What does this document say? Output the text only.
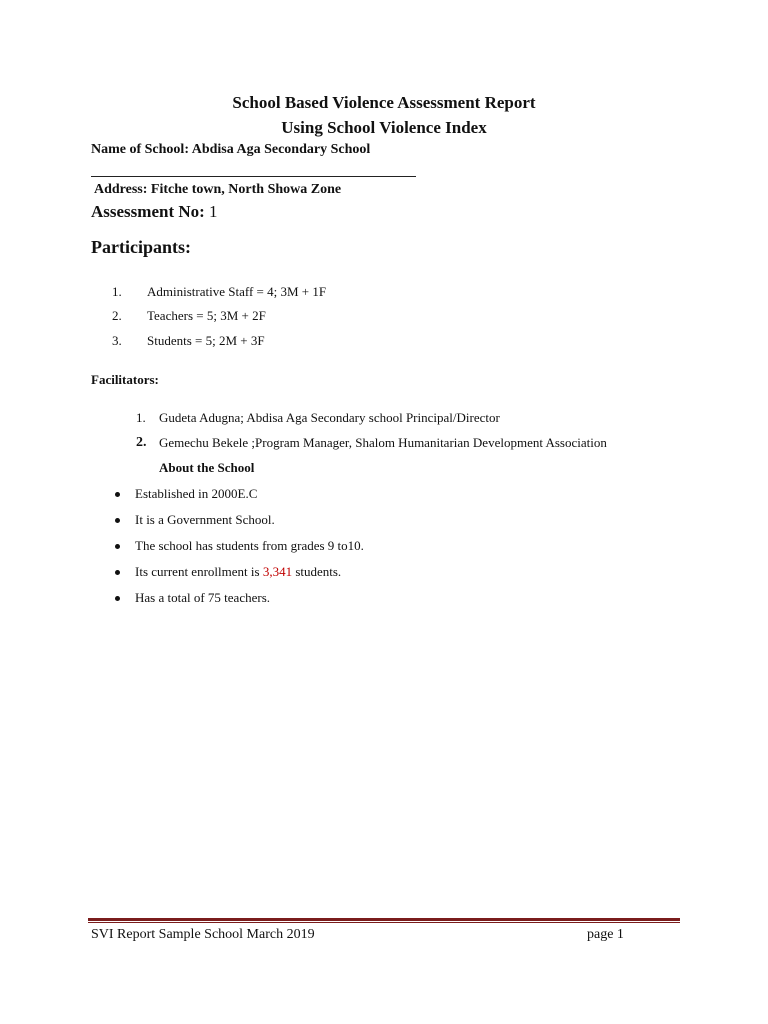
School Based Violence Assessment Report
Using School Violence Index
Name of School: Abdisa Aga Secondary School
Address: Fitche town, North Showa Zone
Assessment No: 1
Participants:
1. Administrative Staff = 4; 3M + 1F
2. Teachers = 5; 3M + 2F
3. Students = 5; 2M + 3F
Facilitators:
1. Gudeta Adugna; Abdisa Aga Secondary school Principal/Director
2. Gemechu Bekele ;Program Manager, Shalom Humanitarian Development Association
About the School
Established in 2000E.C
It is a Government School.
The school has students from grades 9 to10.
Its current enrollment is 3,341 students.
Has a total of 75 teachers.
SVI Report Sample School March 2019	page 1
